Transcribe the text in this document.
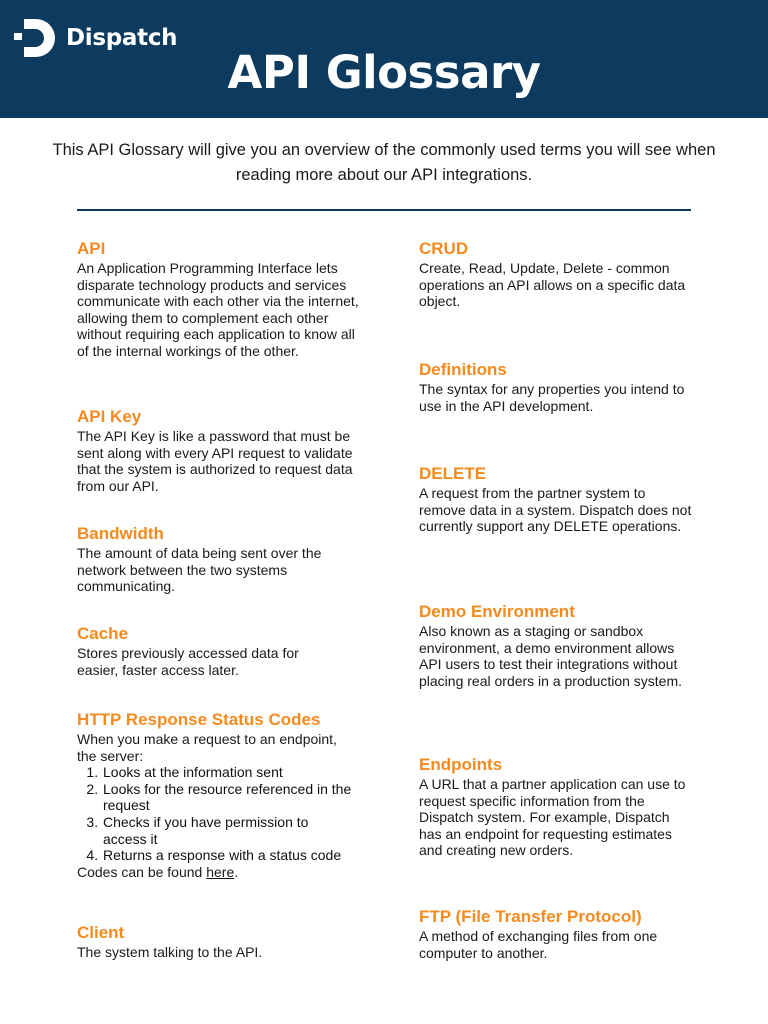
Dispatch
API Glossary
This API Glossary will give you an overview of the commonly used terms you will see when reading more about our API integrations.
API

An Application Programming Interface lets disparate technology products and services communicate with each other via the internet, allowing them to complement each other without requiring each application to know all of the internal workings of the other.

API Key

The API Key is like a password that must be sent along with every API request to validate that the system is authorized to request data from our API.

Bandwidth

The amount of data being sent over the network between the two systems communicating.

Cache

Stores previously accessed data for easier, faster access later.

HTTP Response Status Codes

When you make a request to an endpoint, the server:

1. Looks at the information sent
2. Looks for the resource referenced in the request
3. Checks if you have permission to access it
4. Returns a response with a status code

Codes can be found here.

Client

The system talking to the API.

CRUD

Create, Read, Update, Delete - common operations an API allows on a specific data object.

Definitions

The syntax for any properties you intend to use in the API development.

DELETE

A request from the partner system to remove data in a system. Dispatch does not currently support any DELETE operations.

Demo Environment

Also known as a staging or sandbox environment, a demo environment allows API users to test their integrations without placing real orders in a production system.

Endpoints

A URL that a partner application can use to request specific information from the Dispatch system. For example, Dispatch has an endpoint for requesting estimates and creating new orders.

FTP (File Transfer Protocol)

A method of exchanging files from one computer to another.
